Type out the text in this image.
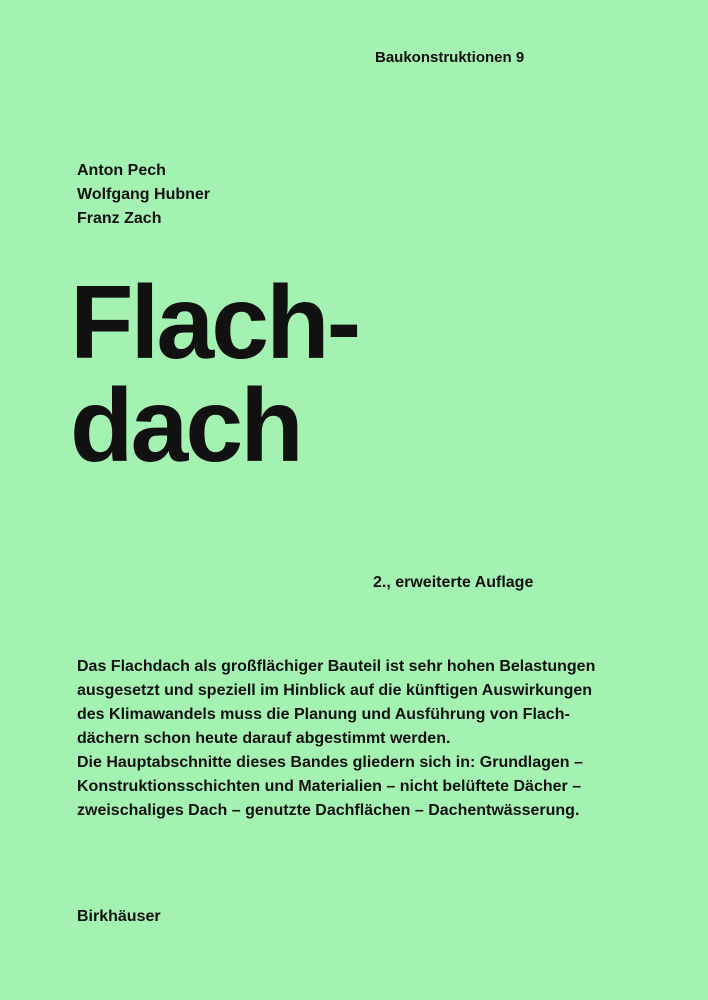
Baukonstruktionen 9
Anton Pech
Wolfgang Hubner
Franz Zach
Flach-
dach
2., erweiterte Auflage
Das Flachdach als großflächiger Bauteil ist sehr hohen Belastungen
ausgesetzt und speziell im Hinblick auf die künftigen Auswirkungen
des Klimawandels muss die Planung und Ausführung von Flach-
dächern schon heute darauf abgestimmt werden.
Die Hauptabschnitte dieses Bandes gliedern sich in: Grundlagen –
Konstruktionsschichten und Materialien – nicht belüftete Dächer –
zweischaliges Dach – genutzte Dachflächen – Dachentwässerung.
Birkhäuser
